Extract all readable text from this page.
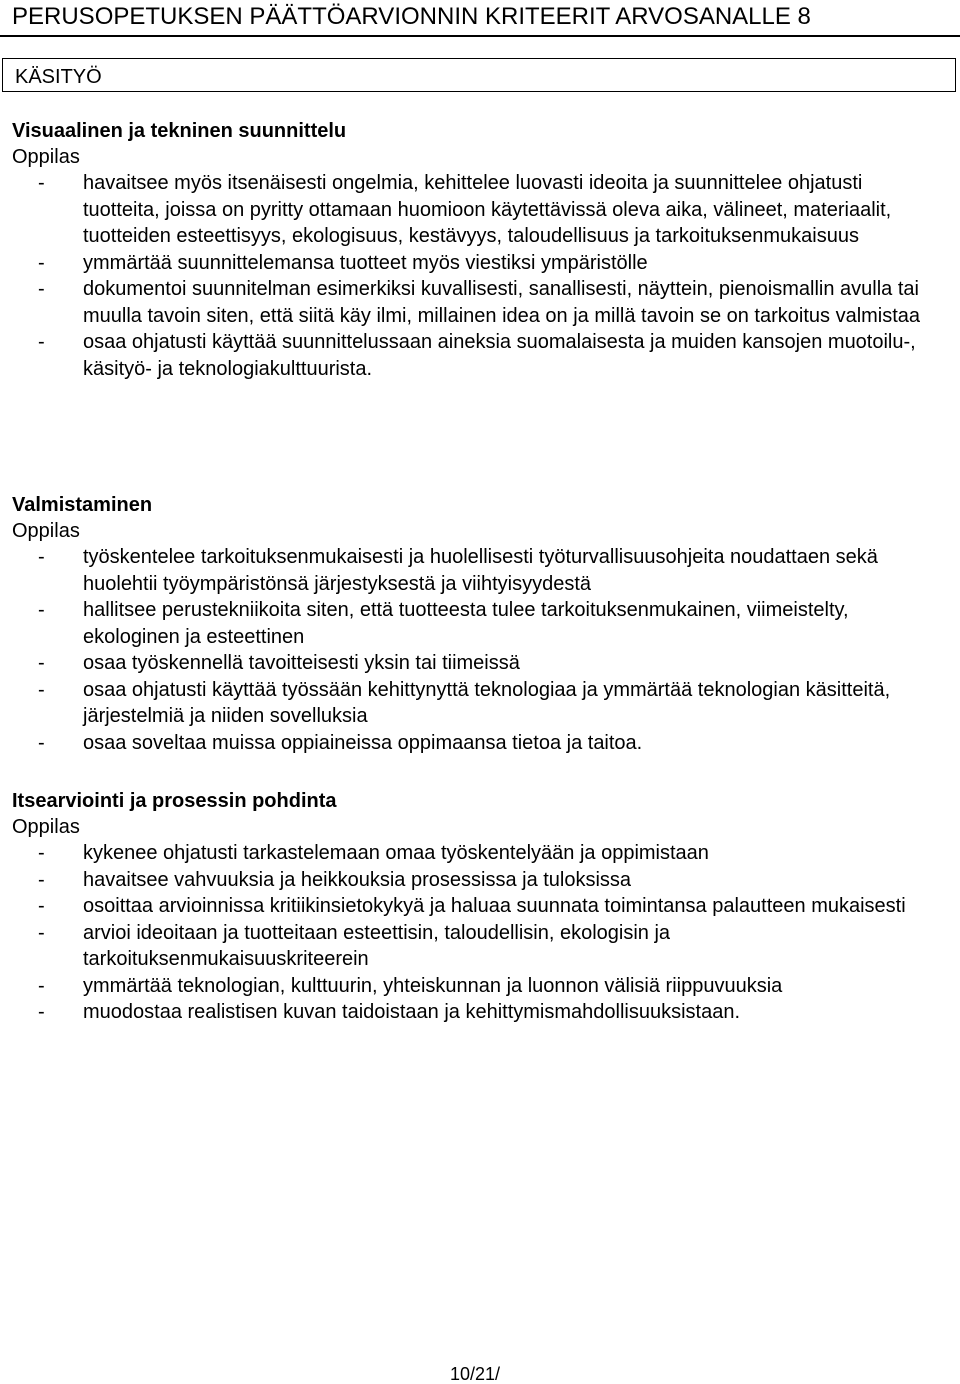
PERUSOPETUKSEN PÄÄTTÖARVIONNIN KRITEERIT ARVOSANALLE 8
KÄSITYÖ
Visuaalinen ja tekninen suunnittelu
Oppilas
- havaitsee myös itsenäisesti ongelmia, kehittelee luovasti ideoita ja suunnittelee ohjatusti tuotteita, joissa on pyritty ottamaan huomioon käytettävissä oleva aika, välineet, materiaalit, tuotteiden esteettisyys, ekologisuus, kestävyys, taloudellisuus ja tarkoituksenmukaisuus
- ymmärtää suunnittelemansa tuotteet myös viestiksi ympäristölle
- dokumentoi suunnitelman esimerkiksi kuvallisesti, sanallisesti, näyttein, pienoismallin avulla tai muulla tavoin siten, että siitä käy ilmi, millainen idea on ja millä tavoin se on tarkoitus valmistaa
- osaa ohjatusti käyttää suunnittelussaan aineksia suomalaisesta ja muiden kansojen muotoilu-, käsityö- ja teknologiakulttuurista.
Valmistaminen
Oppilas
- työskentelee tarkoituksenmukaisesti ja huolellisesti työturvallisuusohjeita noudattaen sekä huolehtii työympäristönsä järjestyksestä ja viihtyisyydestä
- hallitsee perustekniikoita siten, että tuotteesta tulee tarkoituksenmukainen, viimeistelty, ekologinen ja esteettinen
- osaa työskennellä tavoitteisesti yksin tai tiimeissä
- osaa ohjatusti käyttää työssään kehittynyttä teknologiaa ja ymmärtää teknologian käsitteitä, järjestelmiä ja niiden sovelluksia
- osaa soveltaa muissa oppiaineissa oppimaansa tietoa ja taitoa.
Itsearviointi ja prosessin pohdinta
Oppilas
- kykenee ohjatusti tarkastelemaan omaa työskentelyään ja oppimistaan
- havaitsee vahvuuksia ja heikkouksia prosessissa ja tuloksissa
- osoittaa arvioinnissa kritiikinsietokykyä ja haluaa suunnata toimintansa palautteen mukaisesti
- arvioi ideoitaan ja tuotteitaan esteettisin, taloudellisin, ekologisin ja tarkoituksenmukaisuuskriteerein
- ymmärtää teknologian, kulttuurin, yhteiskunnan ja luonnon välisiä riippuvuuksia
- muodostaa realistisen kuvan taidoistaan ja kehittymismahdollisuuksistaan.
10/21/
